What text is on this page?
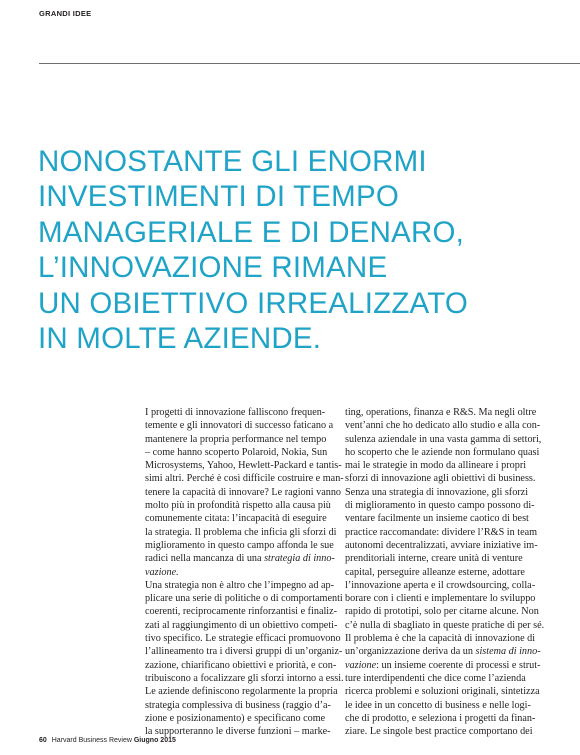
GRANDI IDEE
NONOSTANTE GLI ENORMI
INVESTIMENTI DI TEMPO
MANAGERIALE E DI DENARO,
L’INNOVAZIONE RIMANE
UN OBIETTIVO IRREALIZZATO
IN MOLTE AZIENDE.
I progetti di innovazione falliscono frequen-
temente e gli innovatori di successo faticano a
mantenere la propria performance nel tempo
– come hanno scoperto Polaroid, Nokia, Sun
Microsystems, Yahoo, Hewlett-Packard e tantis-
simi altri. Perché è così difficile costruire e man-
tenere la capacità di innovare? Le ragioni vanno
molto più in profondità rispetto alla causa più
comunemente citata: l’incapacità di eseguire
la strategia. Il problema che inficia gli sforzi di
miglioramento in questo campo affonda le sue
radici nella mancanza di una strategia di inno-
vazione.
Una strategia non è altro che l’impegno ad ap-
plicare una serie di politiche o di comportamenti
coerenti, reciprocamente rinforzantisi e finaliz-
zati al raggiungimento di un obiettivo competi-
tivo specifico. Le strategie efficaci promuovono
l’allineamento tra i diversi gruppi di un’organiz-
zazione, chiarificano obiettivi e priorità, e con-
tribuiscono a focalizzare gli sforzi intorno a essi.
Le aziende definiscono regolarmente la propria
strategia complessiva di business (raggio d’a-
zione e posizionamento) e specificano come
la supporteranno le diverse funzioni – marke-
ting, operations, finanza e R&S. Ma negli oltre
vent’anni che ho dedicato allo studio e alla con-
sulenza aziendale in una vasta gamma di settori,
ho scoperto che le aziende non formulano quasi
mai le strategie in modo da allineare i propri
sforzi di innovazione agli obiettivi di business.
Senza una strategia di innovazione, gli sforzi
di miglioramento in questo campo possono di-
ventare facilmente un insieme caotico di best
practice raccomandate: dividere l’R&S in team
autonomi decentralizzati, avviare iniziative im-
prenditoriali interne, creare unità di venture
capital, perseguire alleanze esterne, adottare
l’innovazione aperta e il crowdsourcing, colla-
borare con i clienti e implementare lo sviluppo
rapido di prototipi, solo per citarne alcune. Non
c’è nulla di sbagliato in queste pratiche di per sé.
Il problema è che la capacità di innovazione di
un’organizzazione deriva da un sistema di inno-
vazione: un insieme coerente di processi e strut-
ture interdipendenti che dice come l’azienda
ricerca problemi e soluzioni originali, sintetizza
le idee in un concetto di business e nelle logi-
che di prodotto, e seleziona i progetti da finan-
ziare. Le singole best practice comportano dei
60 Harvard Business Review Giugno 2015
